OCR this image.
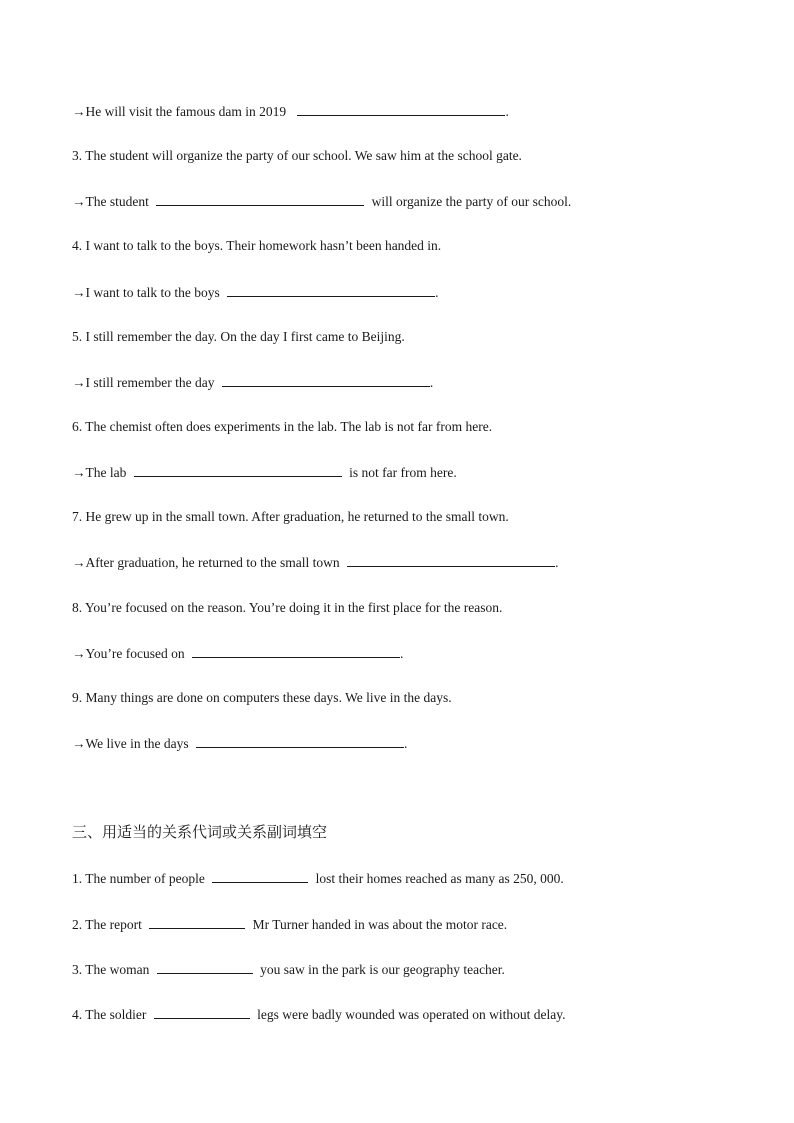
→He will visit the famous dam in 2019	.
3. The student will organize the party of our school. We saw him at the school gate.
→The student	will organize the party of our school.
4. I want to talk to the boys. Their homework hasn’t been handed in.
→I want to talk to the boys	.
5. I still remember the day. On the day I first came to Beijing.
→I still remember the day	.
6. The chemist often does experiments in the lab. The lab is not far from here.
→The lab	is not far from here.
7. He grew up in the small town. After graduation, he returned to the small town.
→After graduation, he returned to the small town	.
8. You’re focused on the reason. You’re doing it in the first place for the reason.
→You’re focused on	.
9. Many things are done on computers these days. We live in the days.
→We live in the days	.
三、用适当的关系代词或关系副词填空
1. The number of people	lost their homes reached as many as 250, 000.
2. The report	Mr Turner handed in was about the motor race.
3. The woman	you saw in the park is our geography teacher.
4. The soldier	legs were badly wounded was operated on without delay.
